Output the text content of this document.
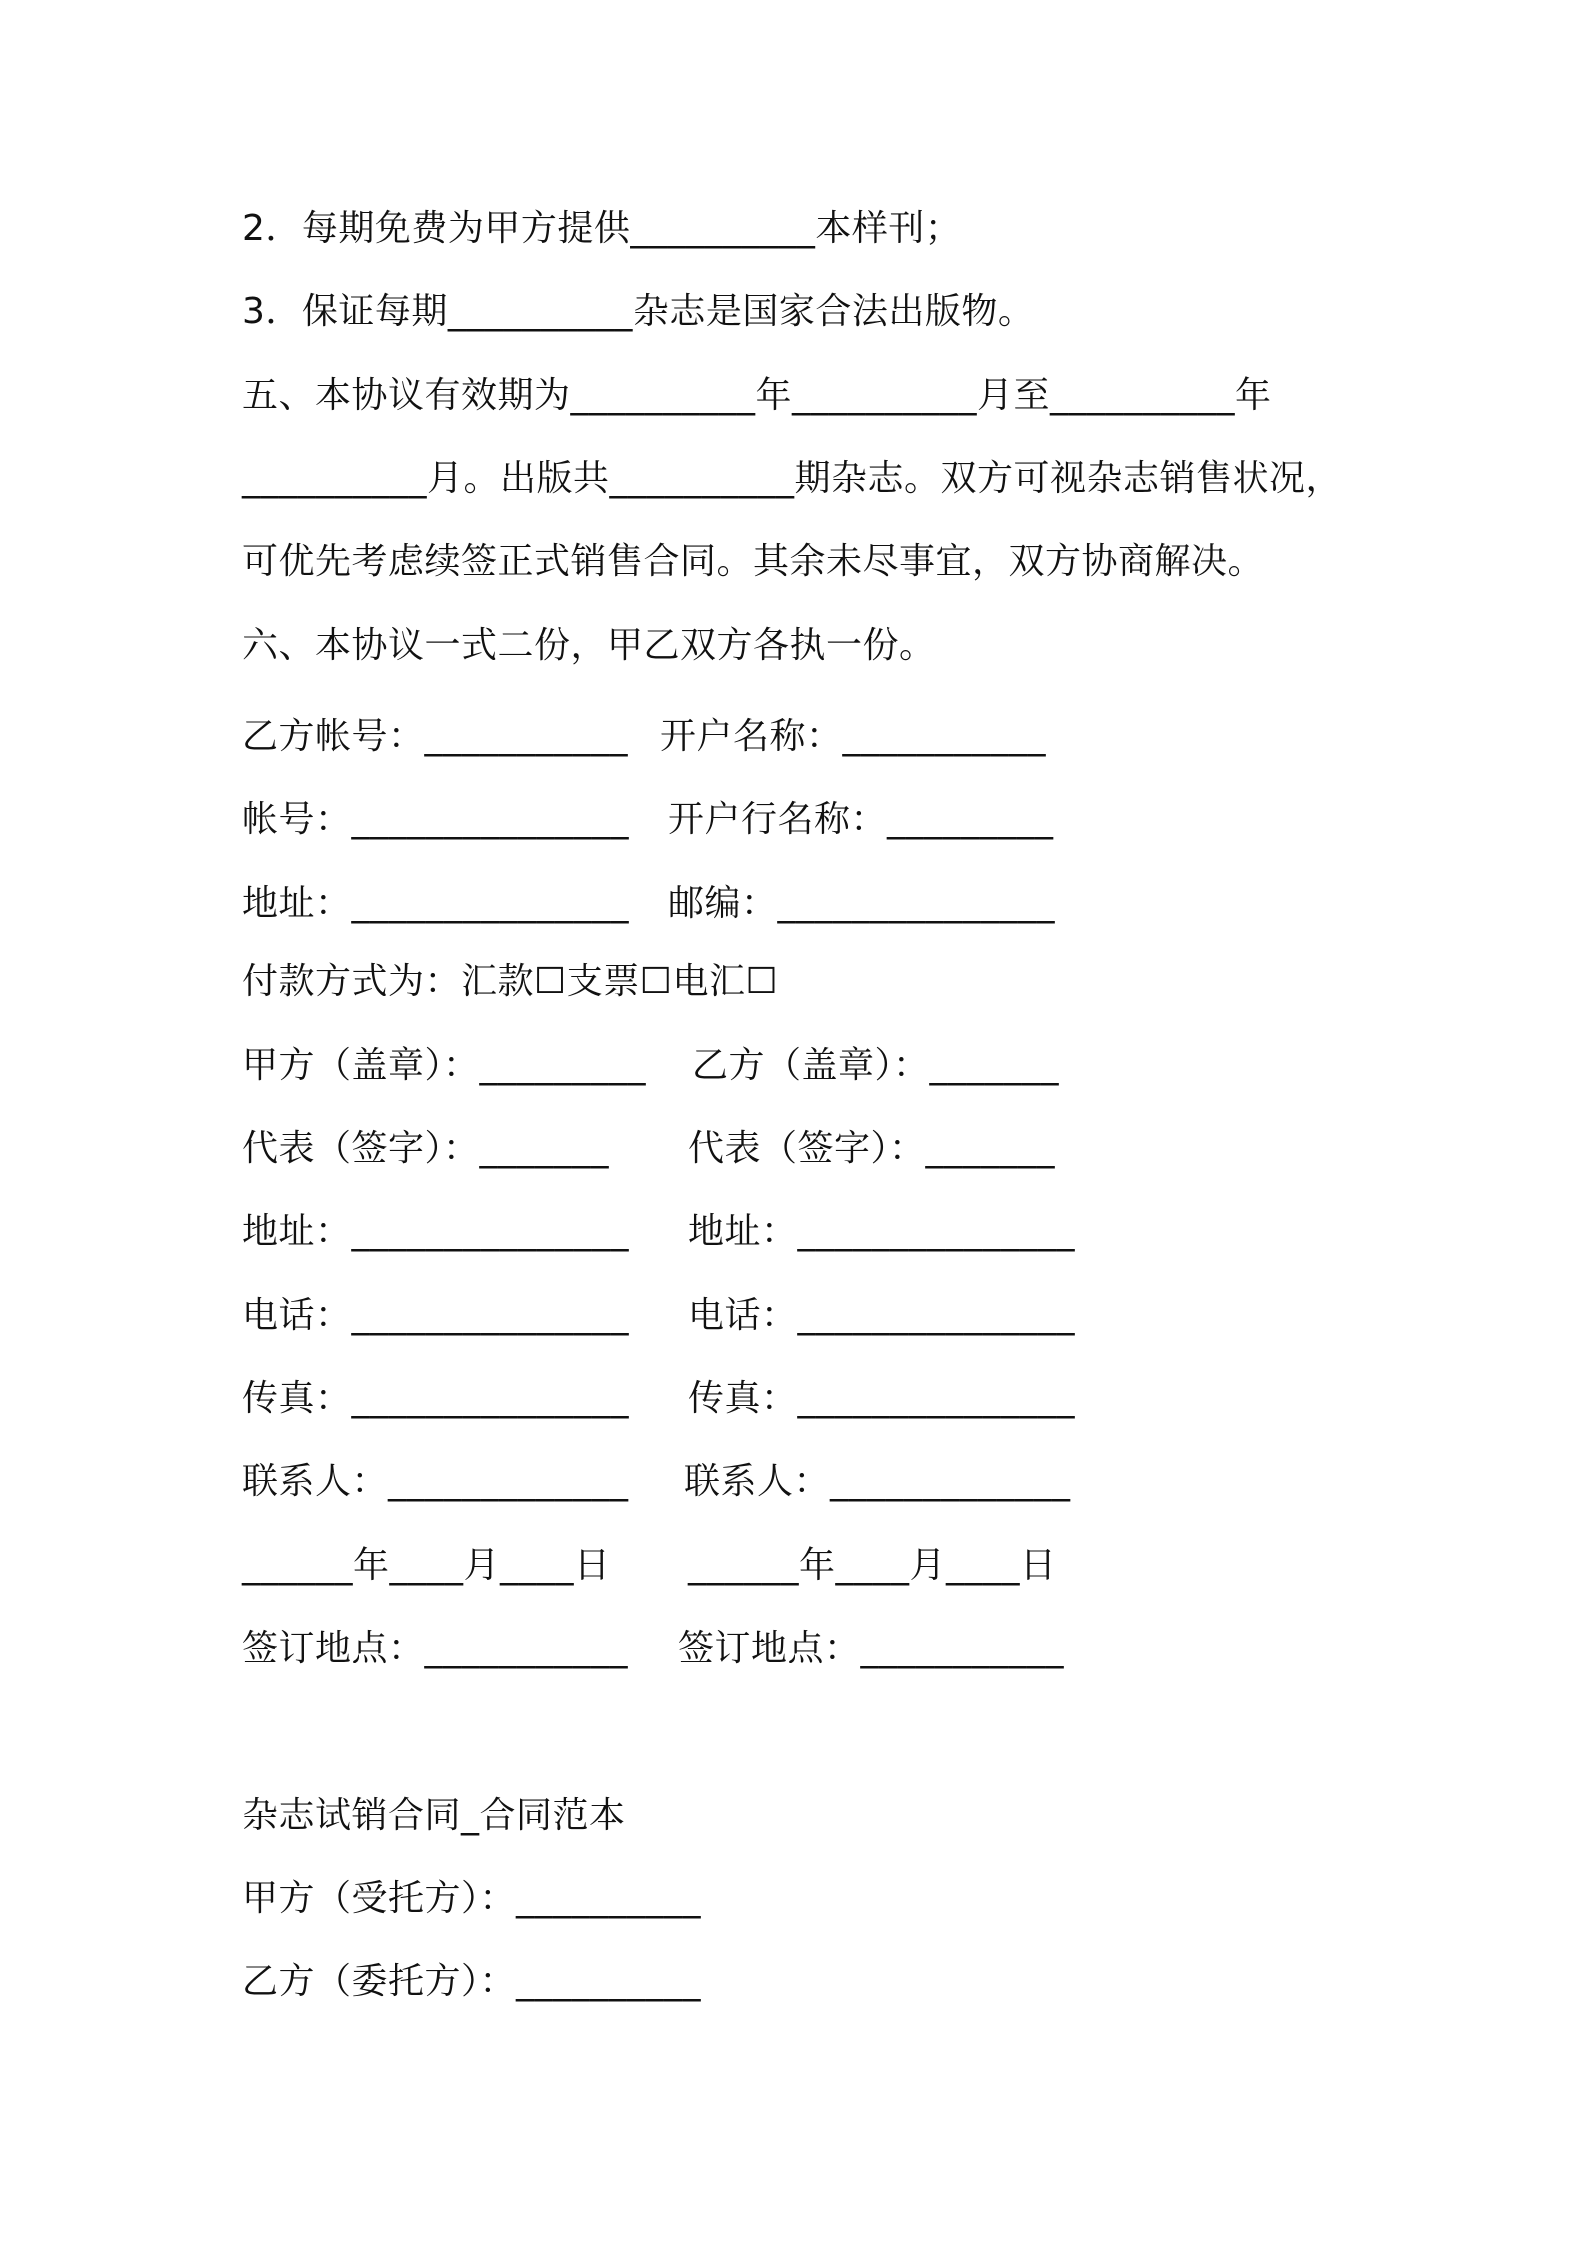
2．每期免费为甲方提供__________本样刊；
3．保证每期__________杂志是国家合法出版物。
五、本协议有效期为__________年__________月至__________年
__________月。出版共__________期杂志。双方可视杂志销售状况，
可优先考虑续签正式销售合同。其余未尽事宜，双方协商解决。
六、本协议一式二份，甲乙双方各执一份。
乙方帐号：___________ 开户名称：___________
帐号：_______________ 开户行名称：_________
地址：_______________ 邮编：_______________
付款方式为：汇款☐支票☐电汇☐
甲方（盖章）：_________ 乙方（盖章）：_______
代表（签字）：_______ 代表（签字）：_______
地址：_______________ 地址：_______________
电话：_______________ 电话：_______________
传真：_______________ 传真：_______________
联系人：_____________ 联系人：_____________
______年____月____日 ______年____月____日
签订地点：___________ 签订地点：___________
杂志试销合同_合同范本
甲方（受托方）：__________
乙方（委托方）：__________
